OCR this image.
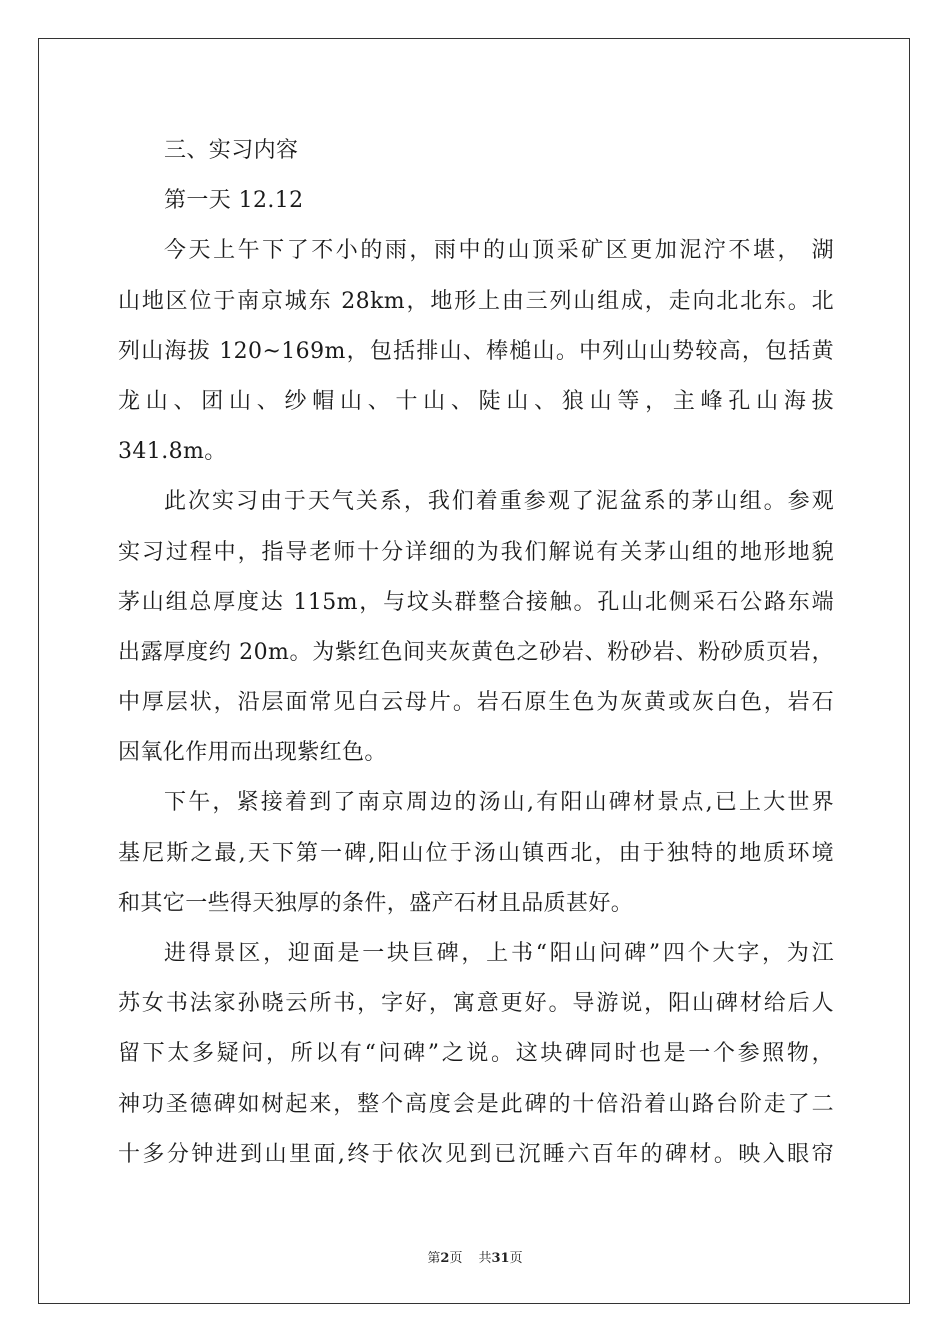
三、实习内容
第一天 12.12
今天上午下了不小的雨，雨中的山顶采矿区更加泥泞不堪， 湖
山地区位于南京城东 28km，地形上由三列山组成，走向北北东。北
列山海拔 120~169m，包括排山、棒槌山。中列山山势较高，包括黄
龙山、团山、纱帽山、十山、陡山、狼山等，主峰孔山海拔
341.8m。
此次实习由于天气关系，我们着重参观了泥盆系的茅山组。参观
实习过程中，指导老师十分详细的为我们解说有关茅山组的地形地貌
茅山组总厚度达 115m，与坟头群整合接触。孔山北侧采石公路东端
出露厚度约 20m。为紫红色间夹灰黄色之砂岩、粉砂岩、粉砂质页岩，
中厚层状，沿层面常见白云母片。岩石原生色为灰黄或灰白色，岩石
因氧化作用而出现紫红色。
下午，紧接着到了南京周边的汤山,有阳山碑材景点,已上大世界
基尼斯之最,天下第一碑,阳山位于汤山镇西北，由于独特的地质环境
和其它一些得天独厚的条件，盛产石材且品质甚好。
进得景区，迎面是一块巨碑，上书“阳山问碑”四个大字，为江
苏女书法家孙晓云所书，字好，寓意更好。导游说，阳山碑材给后人
留下太多疑问，所以有“问碑”之说。这块碑同时也是一个参照物，
神功圣德碑如树起来，整个高度会是此碑的十倍沿着山路台阶走了二
十多分钟进到山里面,终于依次见到已沉睡六百年的碑材。映入眼帘
第2页 共31页
